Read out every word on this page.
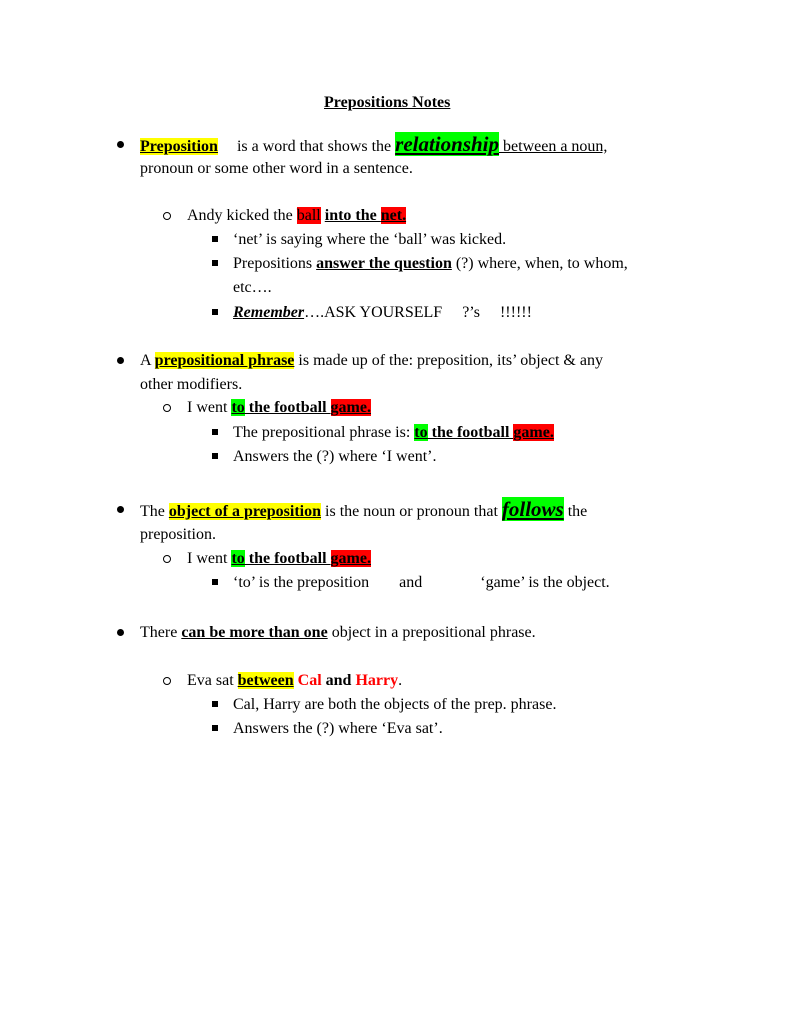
Prepositions Notes
Preposition is a word that shows the relationship between a noun,
pronoun or some other word in a sentence.
Andy kicked the ball into the net.
‘net’ is saying where the ‘ball’ was kicked.
Prepositions answer the question (?) where, when, to whom,
etc….
Remember….ASK YOURSELF ?’s !!!!!!
A prepositional phrase is made up of the: preposition, its’ object & any
other modifiers.
I went to the football game.
The prepositional phrase is: to the football game.
Answers the (?) where ‘I went’.
The object of a preposition is the noun or pronoun that follows the
preposition.
I went to the football game.
‘to’ is the preposition and	‘game’ is the object.
There can be more than one object in a prepositional phrase.
Eva sat between Cal and Harry.
Cal, Harry are both the objects of the prep. phrase.
Answers the (?) where ‘Eva sat’.
